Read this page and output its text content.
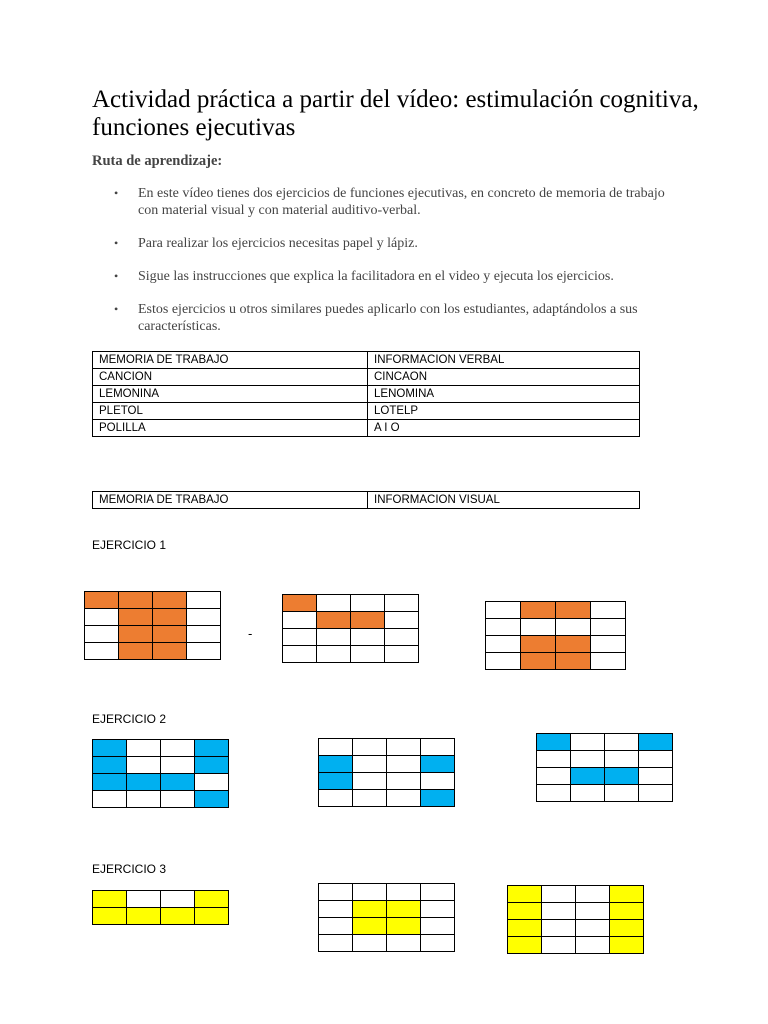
Actividad práctica a partir del vídeo: estimulación cognitiva, funciones ejecutivas
Ruta de aprendizaje:
• En este vídeo tienes dos ejercicios de funciones ejecutivas, en concreto de memoria de trabajo con material visual y con material auditivo-verbal.
• Para realizar los ejercicios necesitas papel y lápiz.
• Sigue las instrucciones que explica la facilitadora en el video y ejecuta los ejercicios.
• Estos ejercicios u otros similares puedes aplicarlo con los estudiantes, adaptándolos a sus características.
MEMORIA DE TRABAJO	INFORMACION VERBAL
CANCION	CINCAON
LEMONINA	LENOMINA
PLETOL	LOTELP
POLILLA	A I O
MEMORIA DE TRABAJO	INFORMACION VISUAL
EJERCICIO 1
-
EJERCICIO 2
EJERCICIO 3
